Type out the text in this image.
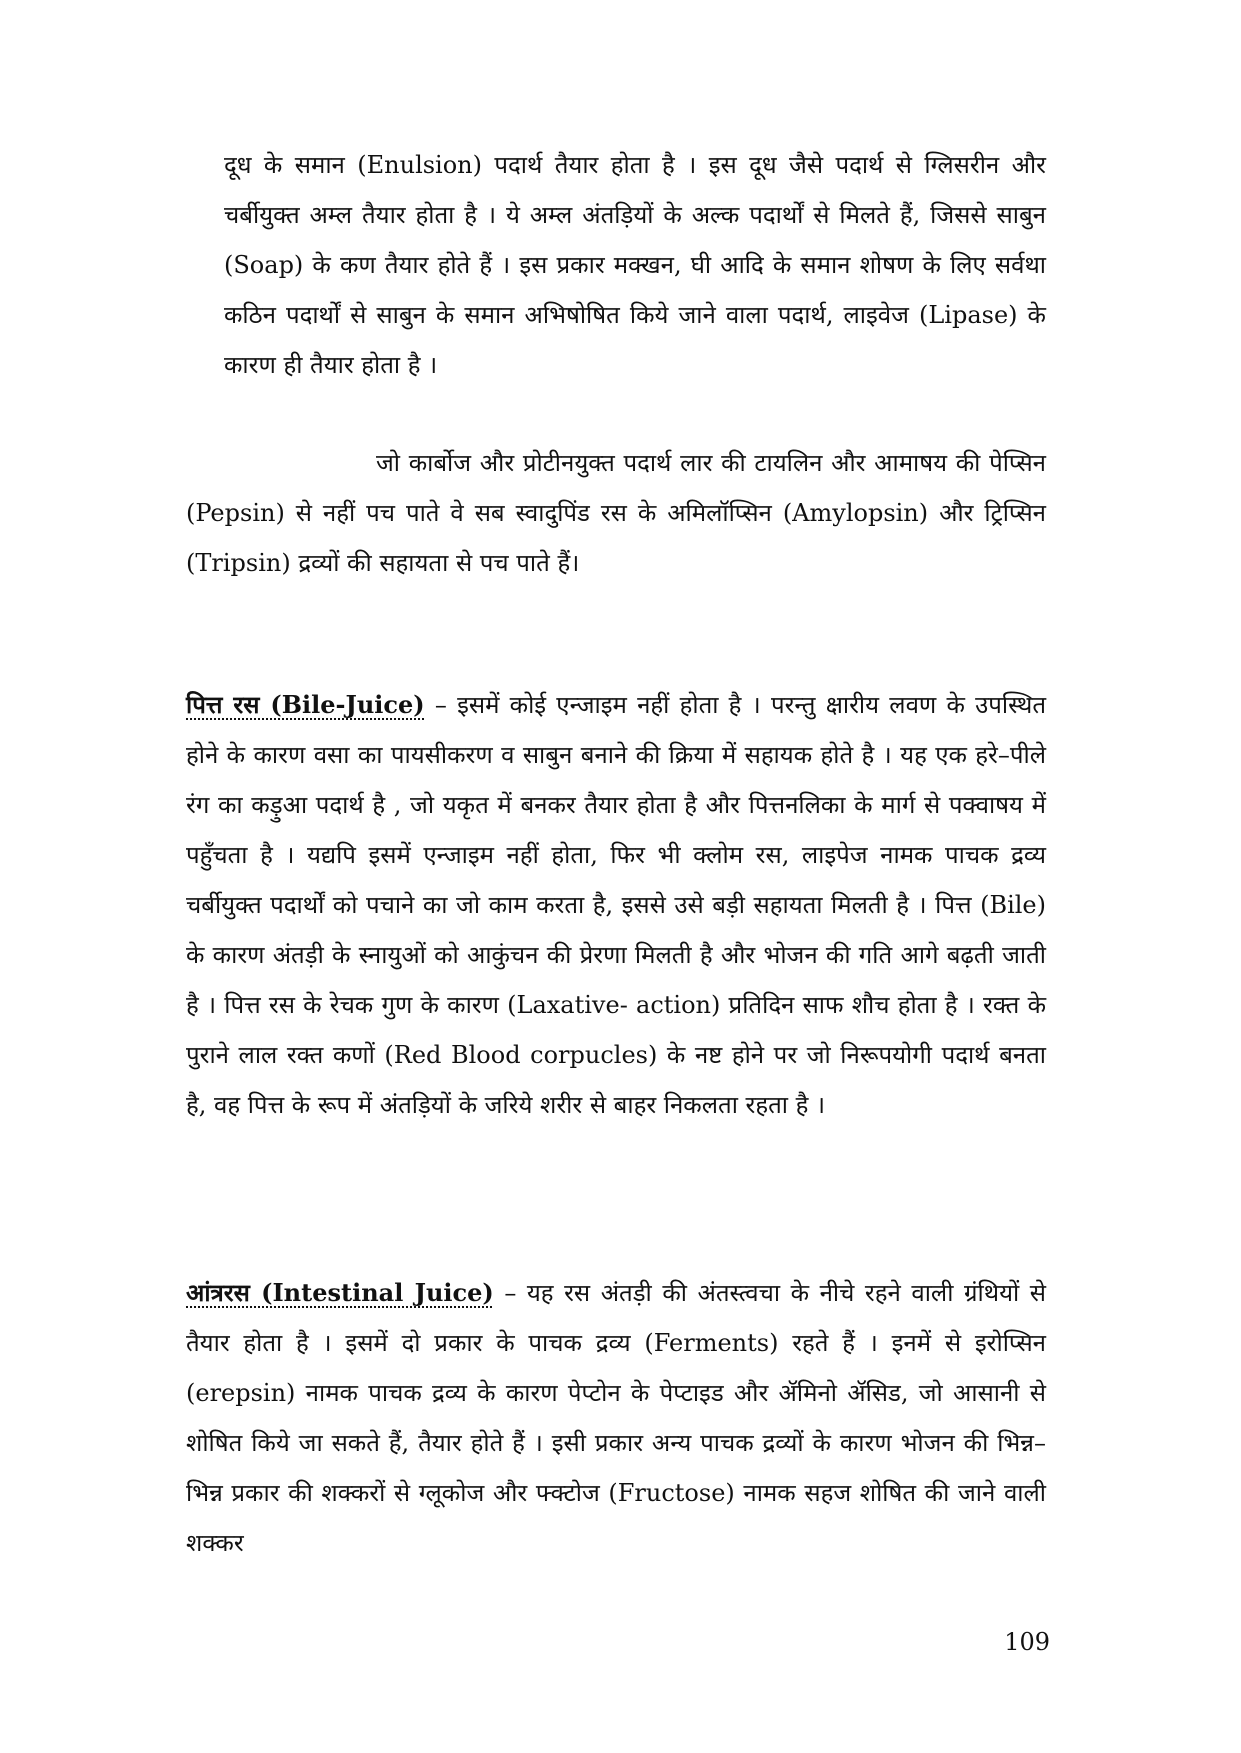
दूध के समान (Enulsion) पदार्थ तैयार होता है । इस दूध जैसे पदार्थ से ग्लिसरीन और चर्बीयुक्त अम्ल तैयार होता है । ये अम्ल अंतड़ियों के अल्क पदार्थों से मिलते हैं, जिससे साबुन (Soap) के कण तैयार होते हैं । इस प्रकार मक्खन, घी आदि के समान शोषण के लिए सर्वथा कठिन पदार्थों से साबुन के समान अभिषोषित किये जाने वाला पदार्थ, लाइवेज (Lipase) के कारण ही तैयार होता है ।

जो कार्बोज और प्रोटीनयुक्त पदार्थ लार की टायलिन और आमाषय की पेप्सिन (Pepsin) से नहीं पच पाते वे सब स्वादुपिंड रस के अमिलॉप्सिन (Amylopsin) और ट्रिप्सिन (Tripsin) द्रव्यों की सहायता से पच पाते हैं।

पित्त रस (Bile-Juice) – इसमें कोई एन्जाइम नहीं होता है । परन्तु क्षारीय लवण के उपस्थित होने के कारण वसा का पायसीकरण व साबुन बनाने की क्रिया में सहायक होते है । यह एक हरे–पीले रंग का कड़ुआ पदार्थ है , जो यकृत में बनकर तैयार होता है और पित्तनलिका के मार्ग से पक्वाषय में पहुँचता है । यद्यपि इसमें एन्जाइम नहीं होता, फिर भी क्लोम रस, लाइपेज नामक पाचक द्रव्य चर्बीयुक्त पदार्थों को पचाने का जो काम करता है, इससे उसे बड़ी सहायता मिलती है । पित्त (Bile) के कारण अंतड़ी के स्नायुओं को आकुंचन की प्रेरणा मिलती है और भोजन की गति आगे बढ़ती जाती है । पित्त रस के रेचक गुण के कारण (Laxative- action) प्रतिदिन साफ शौच होता है । रक्त के पुराने लाल रक्त कणों (Red Blood corpucles) के नष्ट होने पर जो निरूपयोगी पदार्थ बनता है, वह पित्त के रूप में अंतड़ियों के जरिये शरीर से बाहर निकलता रहता है ।

आंत्ररस (Intestinal Juice) – यह रस अंतड़ी की अंतस्त्वचा के नीचे रहने वाली ग्रंथियों से तैयार होता है । इसमें दो प्रकार के पाचक द्रव्य (Ferments) रहते हैं । इनमें से इरोप्सिन (erepsin) नामक पाचक द्रव्य के कारण पेप्टोन के पेप्टाइड और ॲमिनो ॲसिड, जो आसानी से शोषित किये जा सकते हैं, तैयार होते हैं । इसी प्रकार अन्य पाचक द्रव्यों के कारण भोजन की भिन्न–भिन्न प्रकार की शक्करों से ग्लूकोज और फ्क्टोज (Fructose) नामक सहज शोषित की जाने वाली शक्कर

109
